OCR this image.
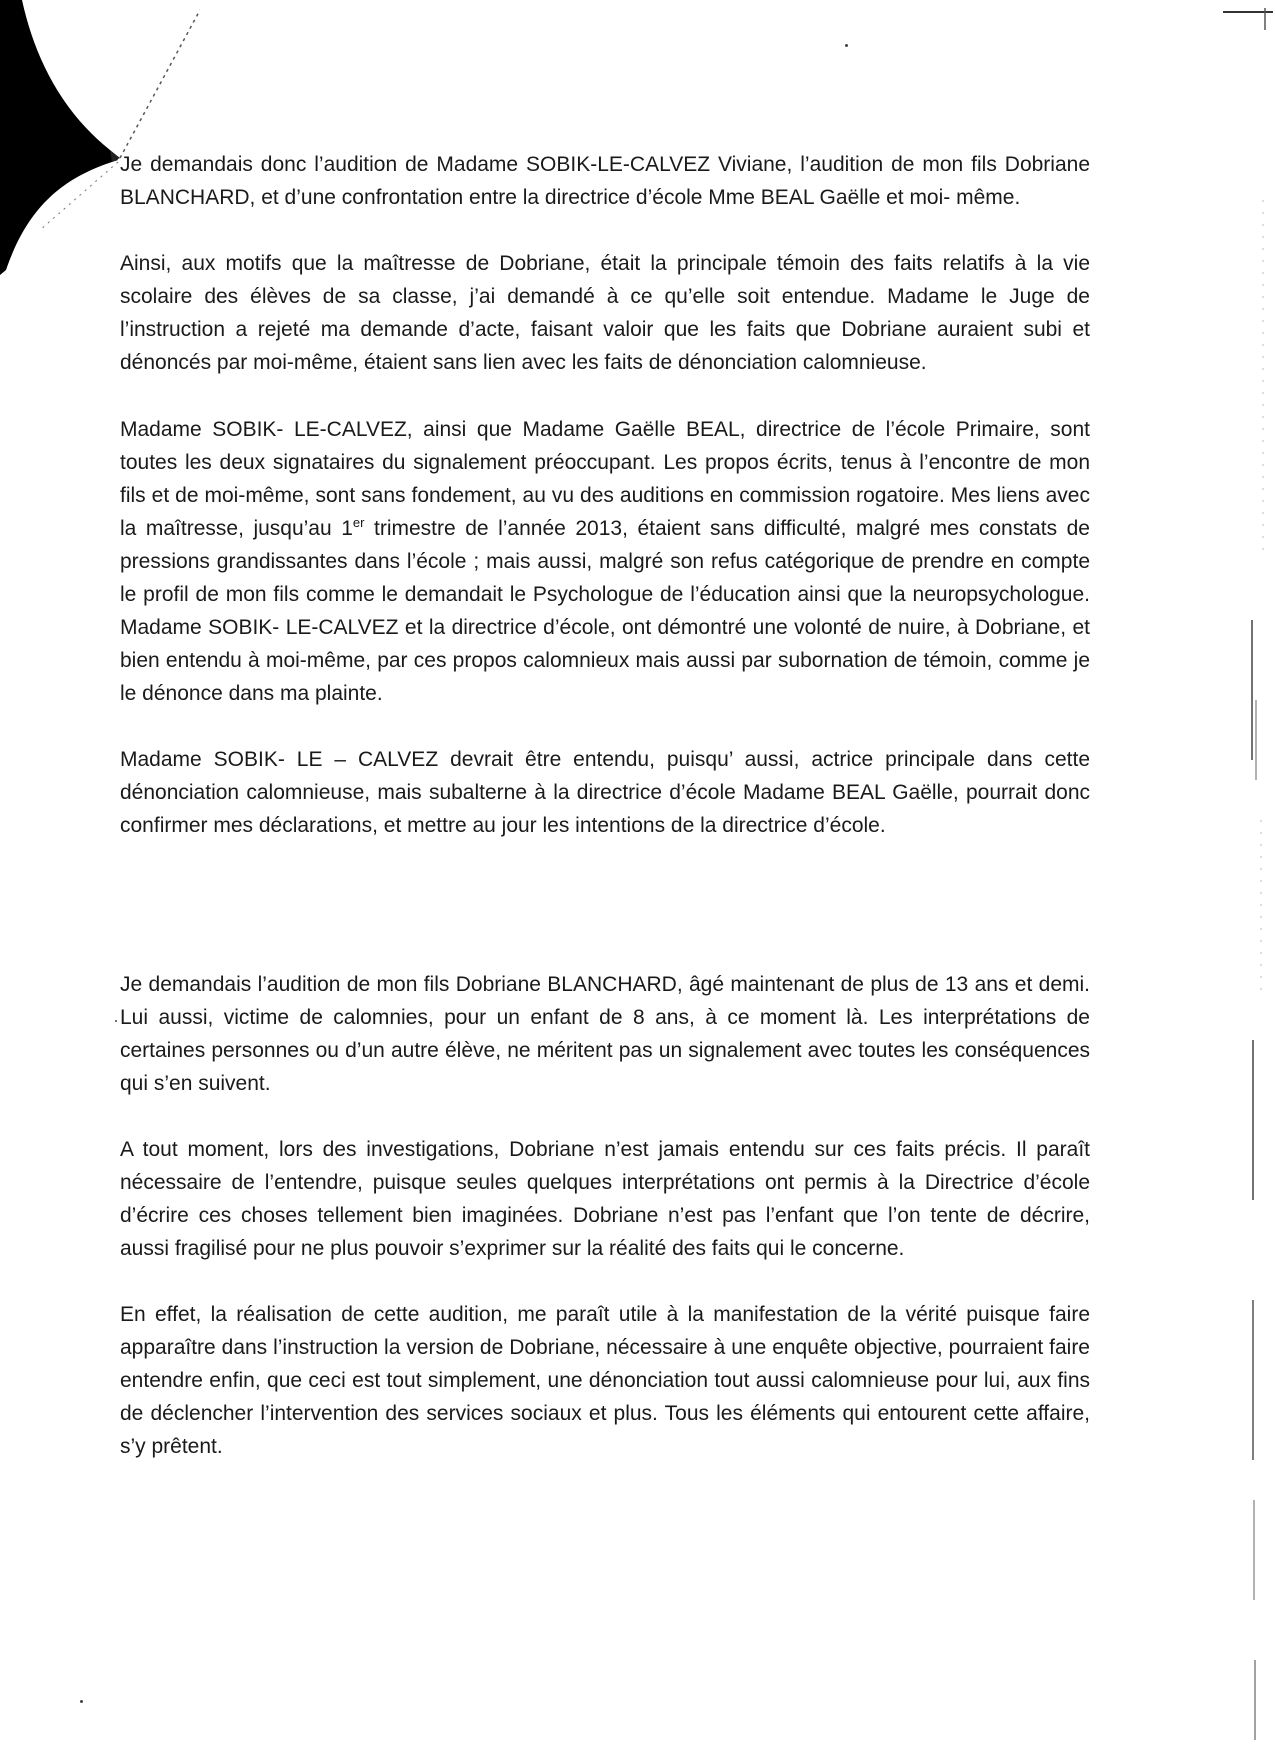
Je demandais donc l’audition de Madame SOBIK-LE-CALVEZ Viviane, l’audition de mon fils Dobriane BLANCHARD, et d’une confrontation entre la directrice d’école Mme BEAL Gaëlle et moi- même.

Ainsi, aux motifs que la maîtresse de Dobriane, était la principale témoin des faits relatifs à la vie scolaire des élèves de sa classe, j’ai demandé à ce qu’elle soit entendue. Madame le Juge de l’instruction a rejeté ma demande d’acte, faisant valoir que les faits que Dobriane auraient subi et dénoncés par moi-même, étaient sans lien avec les faits de dénonciation calomnieuse.

Madame SOBIK- LE-CALVEZ, ainsi que Madame Gaëlle BEAL, directrice de l’école Primaire, sont toutes les deux signataires du signalement préoccupant. Les propos écrits, tenus à l’encontre de mon fils et de moi-même, sont sans fondement, au vu des auditions en commission rogatoire. Mes liens avec la maîtresse, jusqu’au 1er trimestre de l’année 2013, étaient sans difficulté, malgré mes constats de pressions grandissantes dans l’école ; mais aussi, malgré son refus catégorique de prendre en compte le profil de mon fils comme le demandait le Psychologue de l’éducation ainsi que la neuropsychologue. Madame SOBIK- LE-CALVEZ et la directrice d’école, ont démontré une volonté de nuire, à Dobriane, et bien entendu à moi-même, par ces propos calomnieux mais aussi par subornation de témoin, comme je le dénonce dans ma plainte.

Madame SOBIK- LE – CALVEZ devrait être entendu, puisqu’ aussi, actrice principale dans cette dénonciation calomnieuse, mais subalterne à la directrice d’école Madame BEAL Gaëlle, pourrait donc confirmer mes déclarations, et mettre au jour les intentions de la directrice d’école.

Je demandais l’audition de mon fils Dobriane BLANCHARD, âgé maintenant de plus de 13 ans et demi. Lui aussi, victime de calomnies, pour un enfant de 8 ans, à ce moment là. Les interprétations de certaines personnes ou d’un autre élève, ne méritent pas un signalement avec toutes les conséquences qui s’en suivent.

A tout moment, lors des investigations, Dobriane n’est jamais entendu sur ces faits précis. Il paraît nécessaire de l’entendre, puisque seules quelques interprétations ont permis à la Directrice d’école d’écrire ces choses tellement bien imaginées. Dobriane n’est pas l’enfant que l’on tente de décrire, aussi fragilisé pour ne plus pouvoir s’exprimer sur la réalité des faits qui le concerne.

En effet, la réalisation de cette audition, me paraît utile à la manifestation de la vérité puisque faire apparaître dans l’instruction la version de Dobriane, nécessaire à une enquête objective, pourraient faire entendre enfin, que ceci est tout simplement, une dénonciation tout aussi calomnieuse pour lui, aux fins de déclencher l’intervention des services sociaux et plus. Tous les éléments qui entourent cette affaire, s’y prêtent.
